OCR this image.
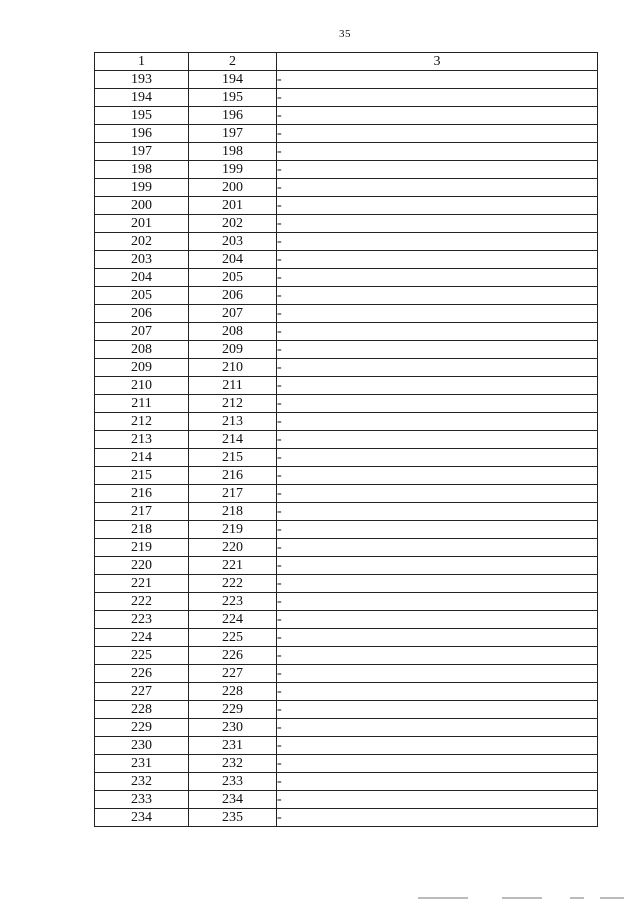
35
1	2	3
193	194	-
194	195	-
195	196	-
196	197	-
197	198	-
198	199	-
199	200	-
200	201	-
201	202	-
202	203	-
203	204	-
204	205	-
205	206	-
206	207	-
207	208	-
208	209	-
209	210	-
210	211	-
211	212	-
212	213	-
213	214	-
214	215	-
215	216	-
216	217	-
217	218	-
218	219	-
219	220	-
220	221	-
221	222	-
222	223	-
223	224	-
224	225	-
225	226	-
226	227	-
227	228	-
228	229	-
229	230	-
230	231	-
231	232	-
232	233	-
233	234	-
234	235	-
